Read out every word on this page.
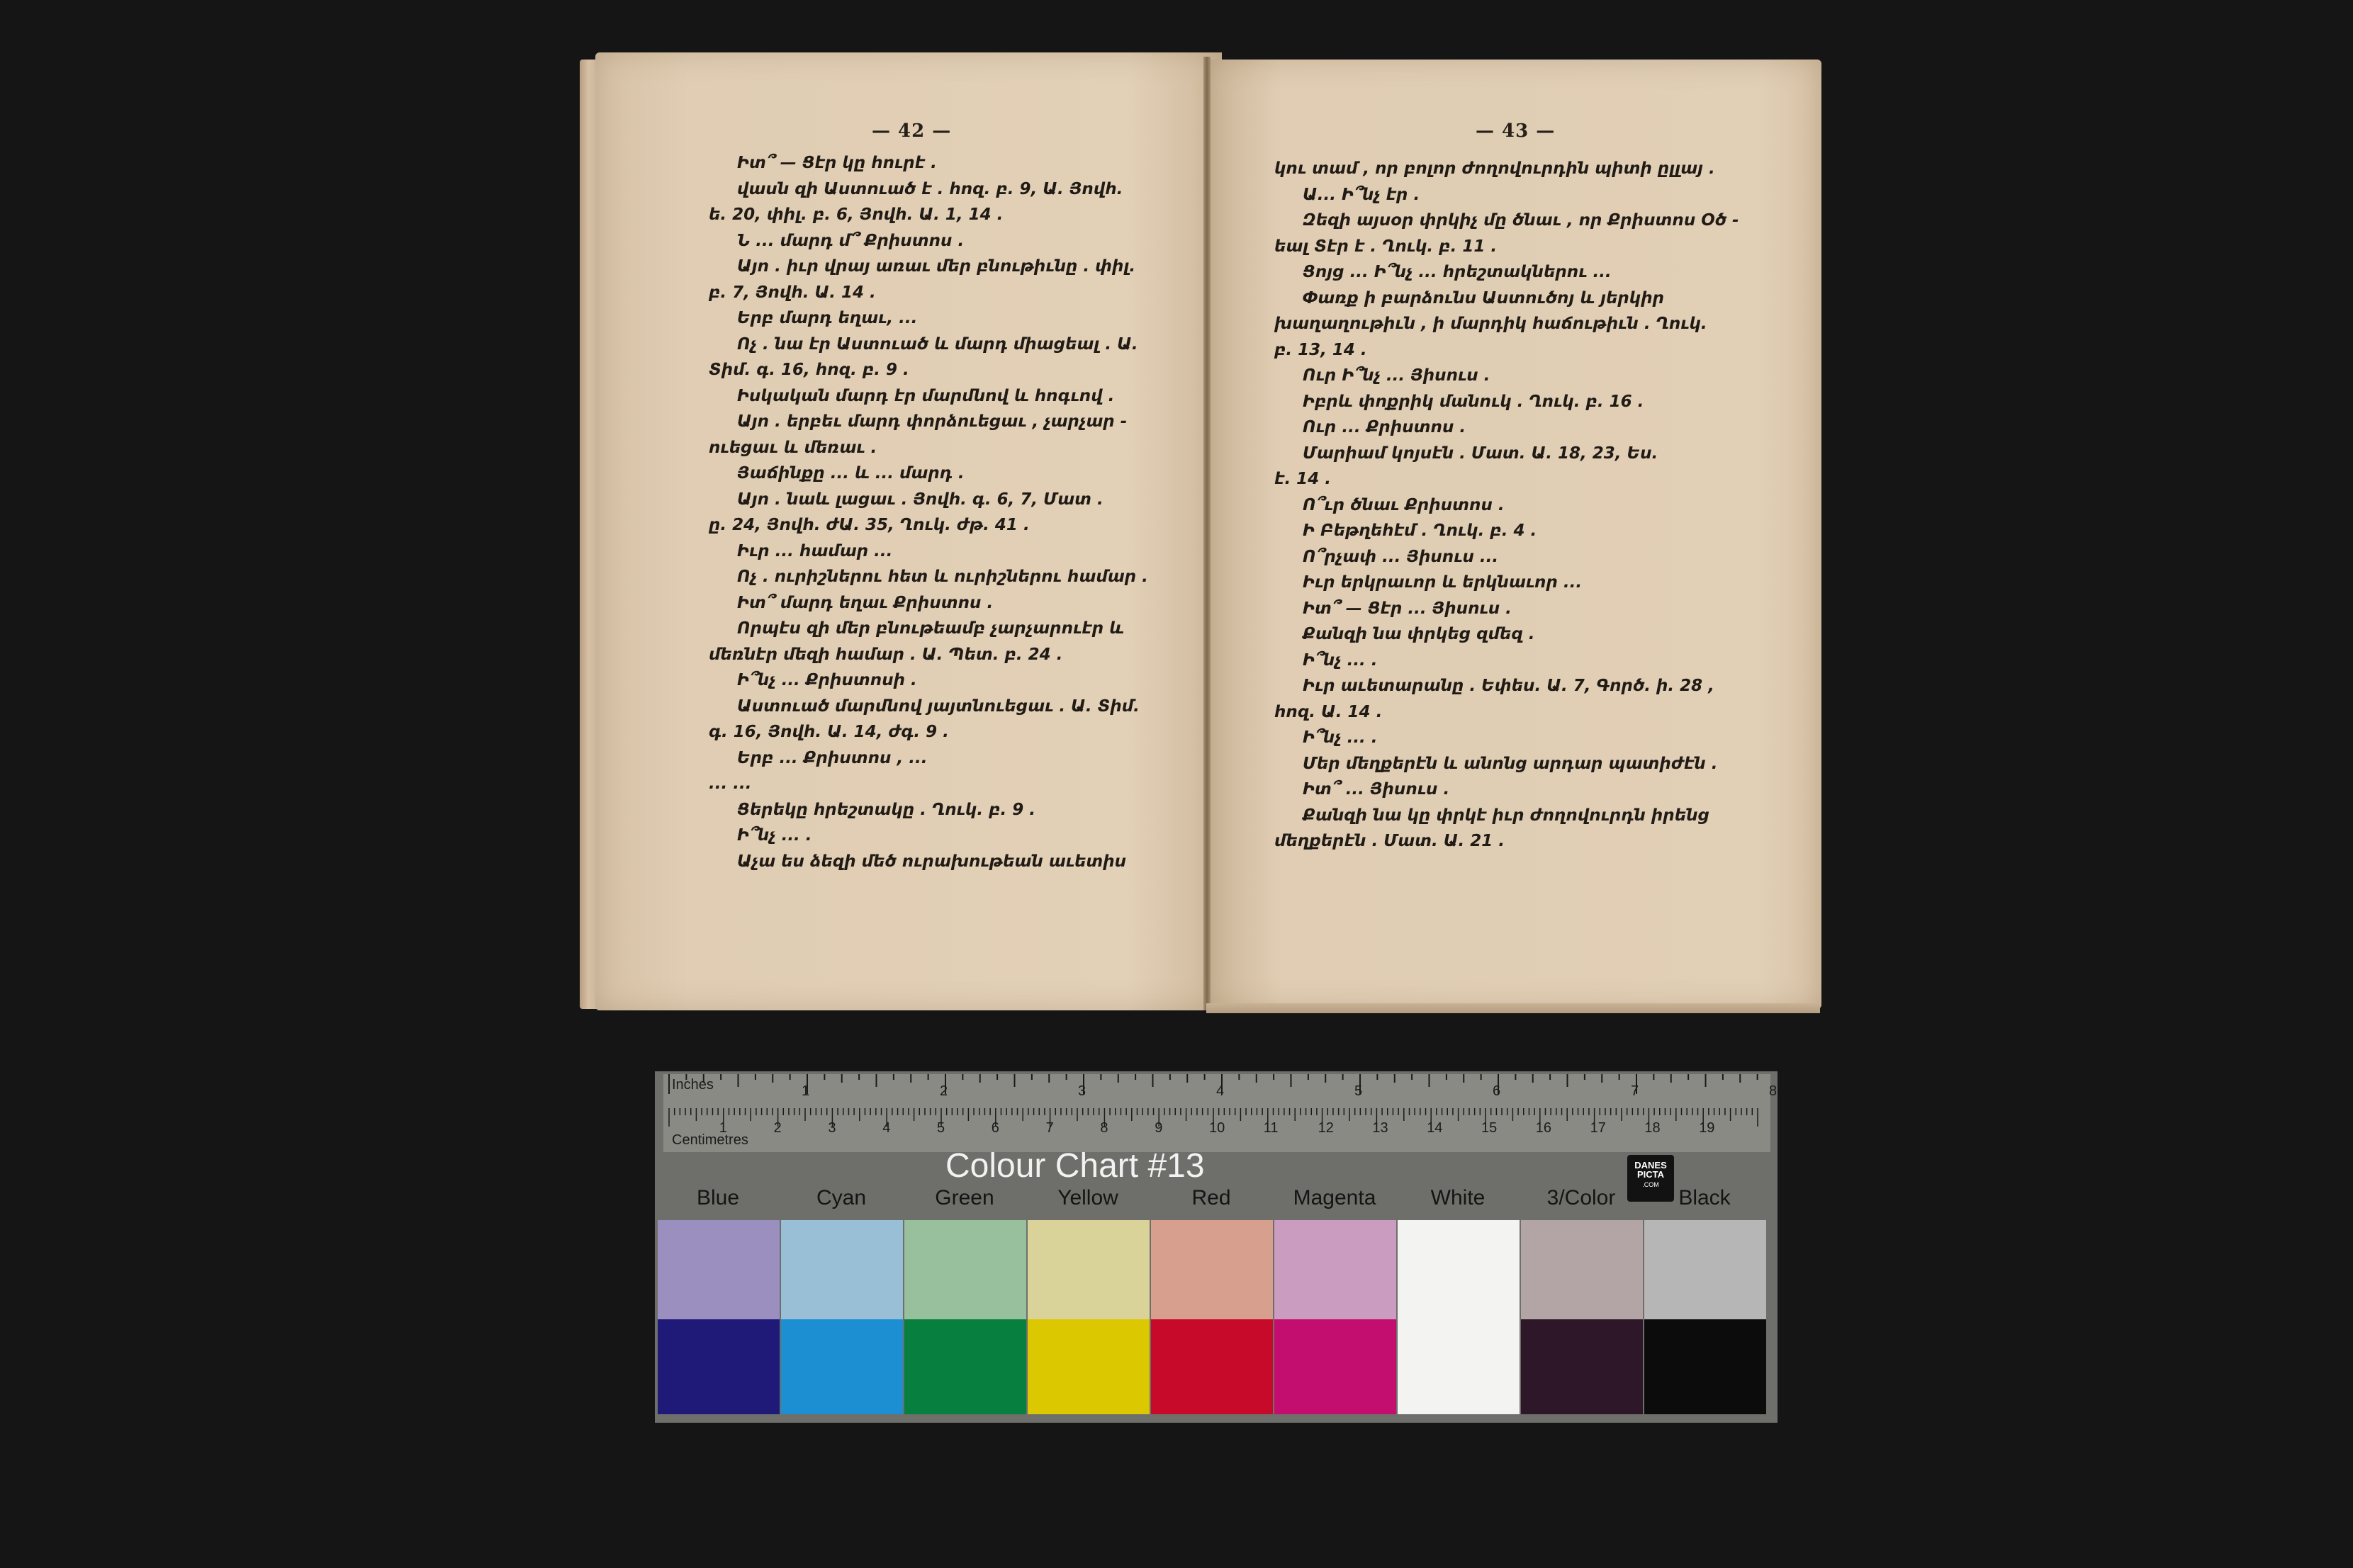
— 42 —
Իտ՞ — Ցէր կը հուրէ .
վասն զի Աստուած է . հոզ. բ. 9, Ա. Յովհ.
ե. 20, փիլ. բ. 6, Յովհ. Ա. 1, 14 .
Ն ... մարդ մ՞ Քրիստոս .
Այո . իւր վրայ առաւ մեր բնութիւնը . փիլ.
բ. 7, Յովհ. Ա. 14 .
Երբ մարդ եղաւ, ...
Ոչ . նա էր Աստուած և մարդ միացեալ . Ա.
Տիմ. գ. 16, հոզ. բ. 9 .
Իսկական մարդ էր մարմնով և հոգւով .
Այո . երբեւ մարդ փորձուեցաւ , չարչար -
ուեցաւ և մեռաւ .
Յաճինքը ... և ... մարդ .
Այո . նաև լացաւ . Յովհ. գ. 6, 7, Մատ .
ը. 24, Յովհ. ժԱ. 35, Ղուկ. ժթ. 41 .
Իւր ... համար ...
Ոչ . ուրիշներու հետ և ուրիշներու համար .
Իտ՞ մարդ եղաւ Քրիստոս .
Որպէս զի մեր բնութեամբ չարչարուէր և
մեռնէր մեզի համար . Ա. Պետ. բ. 24 .
Ի՞նչ ... Քրիստոսի .
Աստուած մարմնով յայտնուեցաւ . Ա. Տիմ.
գ. 16, Յովհ. Ա. 14, ժգ. 9 .
Երբ ... Քրիստոս , ...
... ...
Ցերեկը հրեշտակը . Ղուկ. բ. 9 .
Ի՞նչ ... .
Աչա ես ձեզի մեծ ուրախութեան աւետիս
— 43 —
կու տամ , որ բոլոր ժողովուրդին պիտի ըլլայ .
Ա... Ի՞նչ էր .
Զեզի այսօր փրկիչ մը ծնաւ , որ Քրիստոս Օծ -
եալ Տէր է . Ղուկ. բ. 11 .
Ցոյց ... Ի՞նչ ... հրեշտակներու ...
Փառք ի բարձունս Աստուծոյ և յերկիր
խաղաղութիւն , ի մարդիկ հաճութիւն . Ղուկ.
բ. 13, 14 .
Ուր Ի՞նչ ... Յիսուս .
Իբրև փոքրիկ մանուկ . Ղուկ. բ. 16 .
Ուր ... Քրիստոս .
Մարիամ կոյսէն . Մատ. Ա. 18, 23, Ես.
է. 14 .
Ո՞ւր ծնաւ Քրիստոս .
Ի Բեթղեհէմ . Ղուկ. բ. 4 .
Ո՞րչափ ... Յիսուս ...
Իւր երկրաւոր և երկնաւոր ...
Իտ՞ — Ցէր ... Յիսուս .
Քանզի նա փրկեց զմեզ .
Ի՞նչ ... .
Իւր աւետարանը . Եփես. Ա. 7, Գործ. ի. 28 ,
հոզ. Ա. 14 .
Ի՞նչ ... .
Մեր մեղքերէն և անոնց արդար պատիժէն .
Իտ՞ ... Յիսուս .
Քանզի նա կը փրկէ իւր ժողովուրդն իրենց
մեղքերէն . Մատ. Ա. 21 .
1	2	3	4	5	6	7	8
1	2	3	4	5	6	7	8	9	10	11	12	13	14	15	16	17	18	19
Inches
Centimetres
Colour Chart #13	DANES PICTA
.COM
Blue	Cyan	Green	Yellow	Red	Magenta	White	3/Color	Black
